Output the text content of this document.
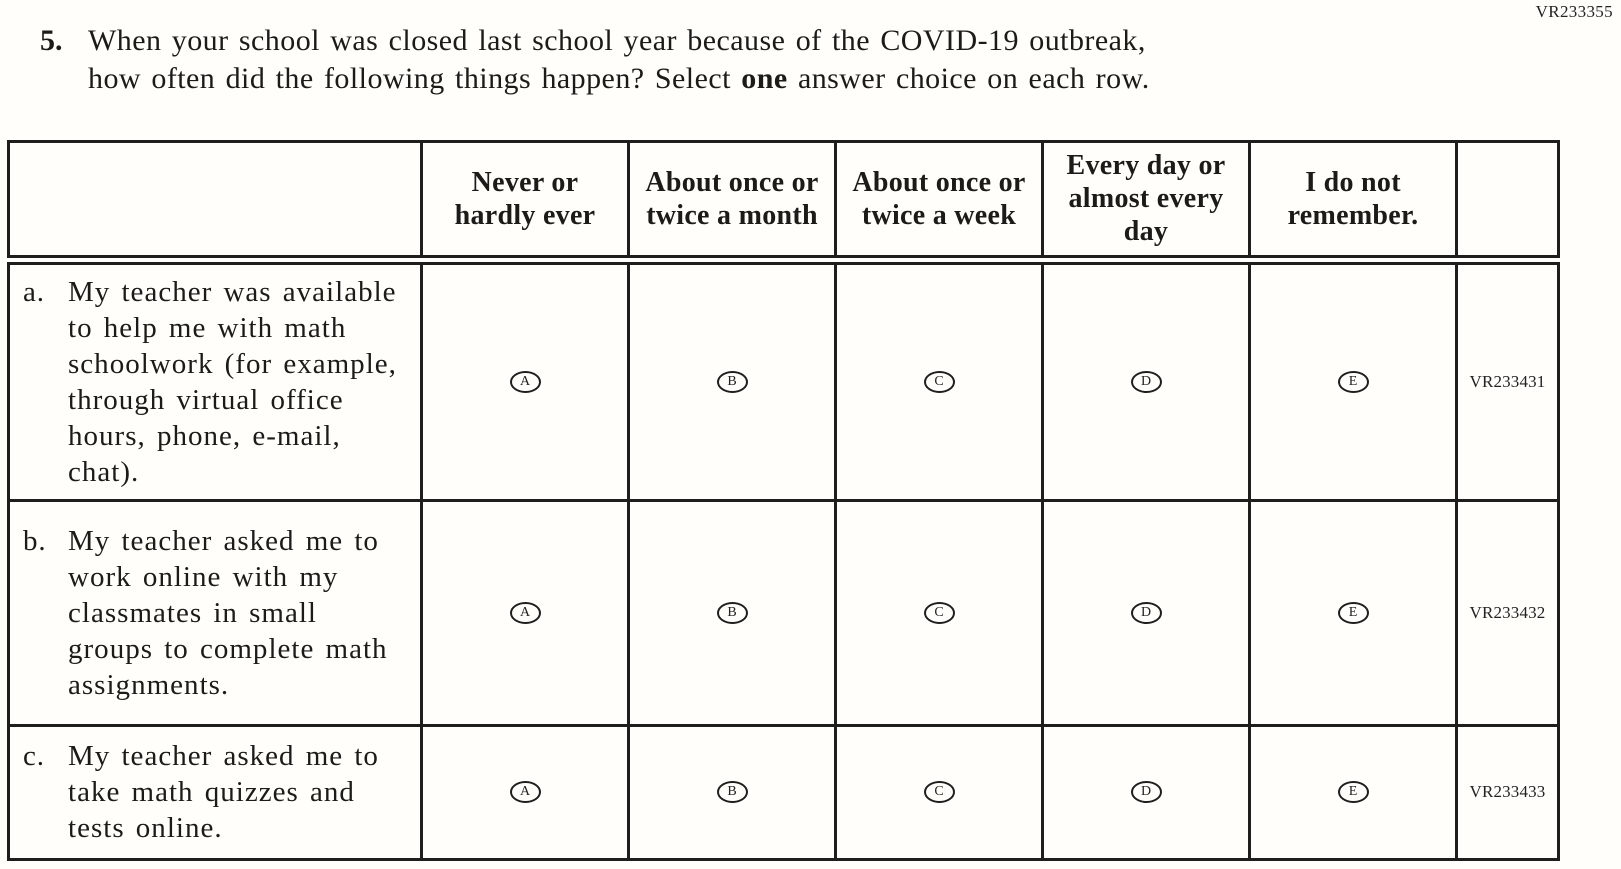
VR233355
5. When your school was closed last school year because of the COVID-19 outbreak,
how often did the following things happen? Select one answer choice on each row.
	Never or hardly ever	About once or twice a month	About once or twice a week	Every day or almost every day	I do not remember.	

a. My teacher was available to help me with math schoolwork (for example, through virtual office hours, phone, e-mail, chat).	A	B	C	D	E	VR233431

b. My teacher asked me to work online with my classmates in small groups to complete math assignments.	A	B	C	D	E	VR233432

c. My teacher asked me to take math quizzes and tests online.	A	B	C	D	E	VR233433
